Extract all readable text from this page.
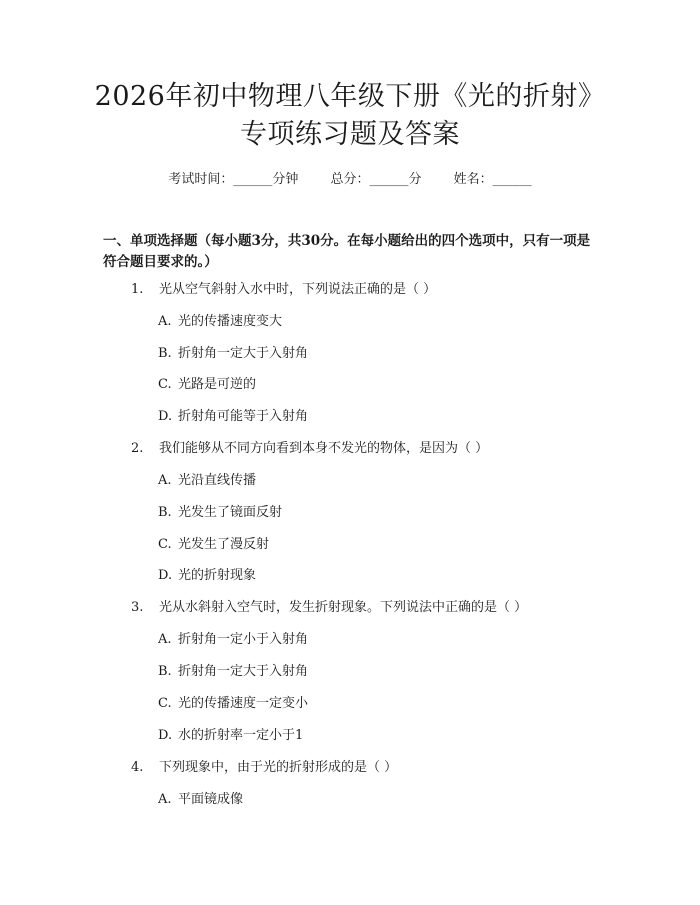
2026年初中物理八年级下册《光的折射》专项练习题及答案
考试时间：______分钟 总分：______分 姓名：______
一、单项选择题（每小题3分，共30分。在每小题给出的四个选项中，只有一项是符合题目要求的。）
1. 光从空气斜射入水中时，下列说法正确的是（ ）
A. 光的传播速度变大
B. 折射角一定大于入射角
C. 光路是可逆的
D. 折射角可能等于入射角
2. 我们能够从不同方向看到本身不发光的物体，是因为（ ）
A. 光沿直线传播
B. 光发生了镜面反射
C. 光发生了漫反射
D. 光的折射现象
3. 光从水斜射入空气时，发生折射现象。下列说法中正确的是（ ）
A. 折射角一定小于入射角
B. 折射角一定大于入射角
C. 光的传播速度一定变小
D. 水的折射率一定小于1
4. 下列现象中，由于光的折射形成的是（ ）
A. 平面镜成像
